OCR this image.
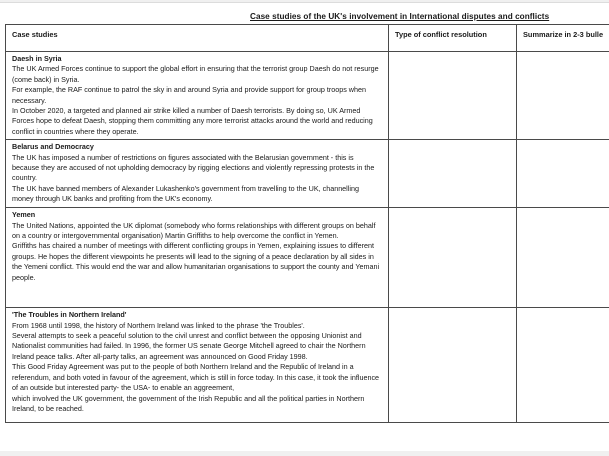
Case studies of the UK's involvement in International disputes and conflicts
Case studies	Type of conflict resolution	Summarize in 2-3 bulle

Daesh in Syria
The UK Armed Forces continue to support the global effort in ensuring that the terrorist group Daesh do not resurge (come back) in Syria.
For example, the RAF continue to patrol the sky in and around Syria and provide support for group troops when necessary.
In October 2020, a targeted and planned air strike killed a number of Daesh terrorists. By doing so, UK Armed Forces hope to defeat Daesh, stopping them committing any more terrorist attacks around the world and reducing conflict in countries where they operate.		

Belarus and Democracy
The UK has imposed a number of restrictions on figures associated with the Belarusian government - this is because they are accused of not upholding democracy by rigging elections and violently repressing protests in the country.
The UK have banned members of Alexander Lukashenko's government from travelling to the UK, channelling money through UK banks and profiting from the UK's economy.		

Yemen
The United Nations, appointed the UK diplomat (somebody who forms relationships with different groups on behalf on a country or intergovernmental organisation) Martin Griffiths to help overcome the conflict in Yemen.
Griffiths has chaired a number of meetings with different conflicting groups in Yemen, explaining issues to different groups. He hopes the different viewpoints he presents will lead to the signing of a peace declaration by all sides in the Yemeni conflict. This would end the war and allow humanitarian organisations to support the county and Yemani people.		

'The Troubles in Northern Ireland'
From 1968 until 1998, the history of Northern Ireland was linked to the phrase 'the Troubles'.
Several attempts to seek a peaceful solution to the civil unrest and conflict between the opposing Unionist and Nationalist communities had failed. In 1996, the former US senate George Mitchell agreed to chair the Northern Ireland peace talks. After all-party talks, an agreement was announced on Good Friday 1998.
This Good Friday Agreement was put to the people of both Northern Ireland and the Republic of Ireland in a referendum, and both voted in favour of the agreement, which is still in force today. In this case, it took the influence of an outside but interested party- the USA- to enable an aggreement,
which involved the UK government, the government of the Irish Republic and all the political parties in Northern Ireland, to be reached.		
